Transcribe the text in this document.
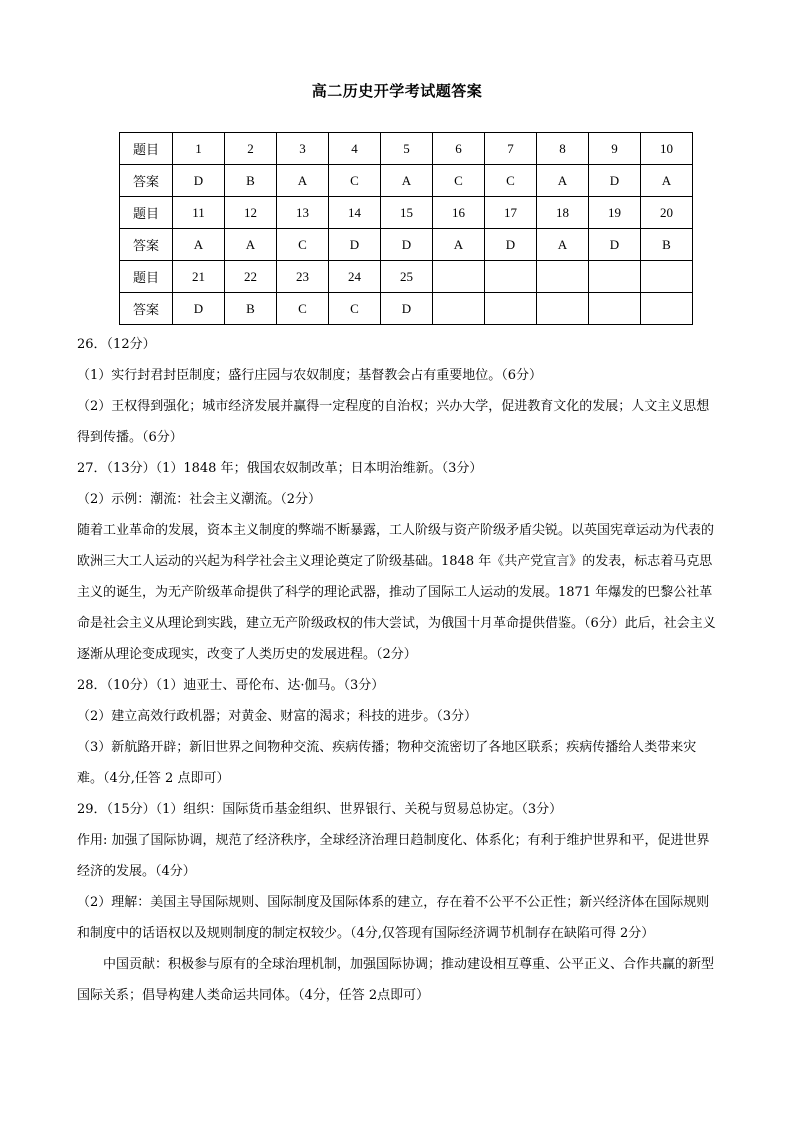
高二历史开学考试题答案
题目	1	2	3	4	5	6	7	8	9	10
答案	D	B	A	C	A	C	C	A	D	A
题目	11	12	13	14	15	16	17	18	19	20
答案	A	A	C	D	D	A	D	A	D	B
题目	21	22	23	24	25					
答案	D	B	C	C	D					

26．（12分）

（1）实行封君封臣制度；盛行庄园与农奴制度；基督教会占有重要地位。（6分）

（2）王权得到强化；城市经济发展并赢得一定程度的自治权；兴办大学，促进教育文化的发展；人文主义思想得到传播。（6分）

27．（13分）（1）1848 年；俄国农奴制改革；日本明治维新。（3分）

（2）示例：潮流：社会主义潮流。（2分）

随着工业革命的发展，资本主义制度的弊端不断暴露，工人阶级与资产阶级矛盾尖锐。以英国宪章运动为代表的欧洲三大工人运动的兴起为科学社会主义理论奠定了阶级基础。1848 年《共产党宣言》的发表，标志着马克思主义的诞生，为无产阶级革命提供了科学的理论武器，推动了国际工人运动的发展。1871 年爆发的巴黎公社革命是社会主义从理论到实践，建立无产阶级政权的伟大尝试，为俄国十月革命提供借鉴。（6分）此后，社会主义逐渐从理论变成现实，改变了人类历史的发展进程。（2分）

28．（10分）（1）迪亚士、哥伦布、达·伽马。（3分）

（2）建立高效行政机器；对黄金、财富的渴求；科技的进步。（3分）

（3）新航路开辟；新旧世界之间物种交流、疾病传播；物种交流密切了各地区联系；疾病传播给人类带来灾难。（4分,任答 2 点即可）

29．（15分）（1）组织：国际货币基金组织、世界银行、关税与贸易总协定。（3分）

作用: 加强了国际协调，规范了经济秩序，全球经济治理日趋制度化、体系化；有利于维护世界和平，促进世界经济的发展。（4分）

（2）理解：美国主导国际规则、国际制度及国际体系的建立，存在着不公平不公正性；新兴经济体在国际规则和制度中的话语权以及规则制度的制定权较少。（4分,仅答现有国际经济调节机制存在缺陷可得 2分）

中国贡献：积极参与原有的全球治理机制，加强国际协调；推动建设相互尊重、公平正义、合作共赢的新型国际关系；倡导构建人类命运共同体。（4分，任答 2点即可）
